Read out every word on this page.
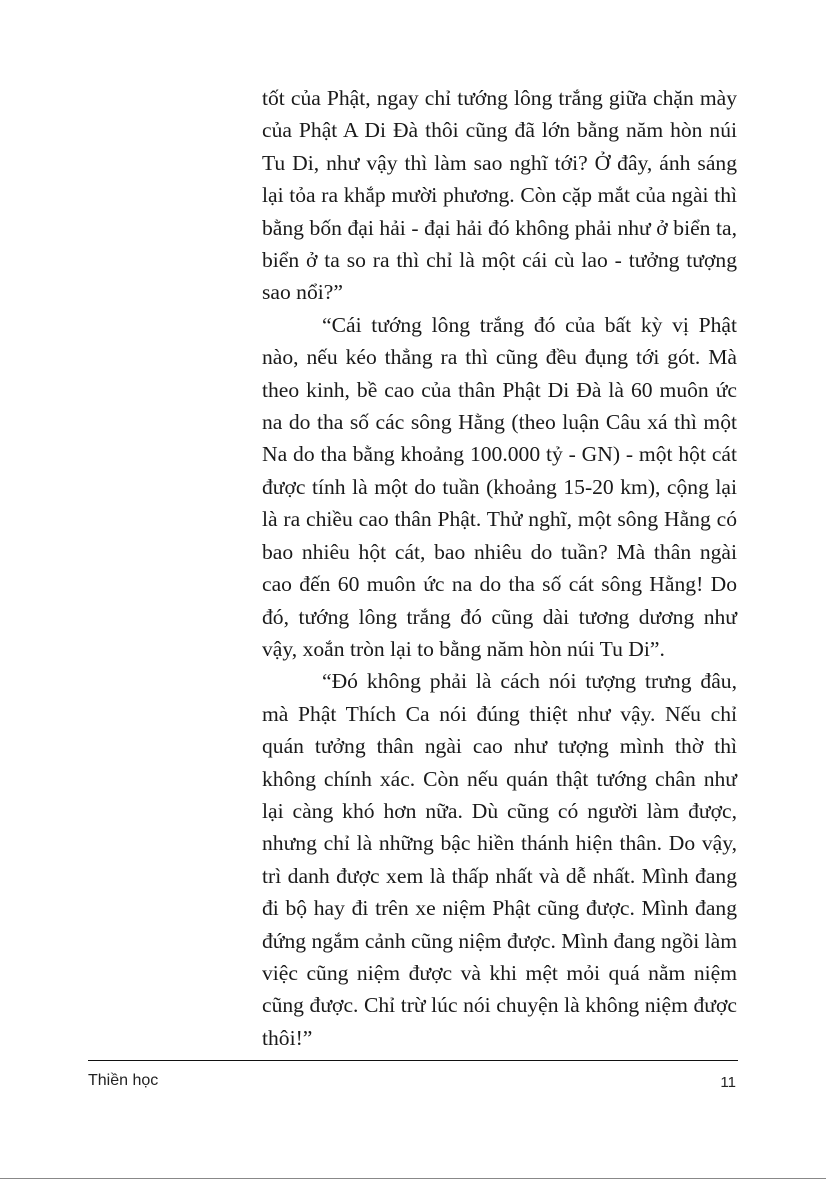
tốt của Phật, ngay chỉ tướng lông trắng giữa chặn mày của Phật A Di Đà thôi cũng đã lớn bằng năm hòn núi Tu Di, như vậy thì làm sao nghĩ tới? Ở đây, ánh sáng lại tỏa ra khắp mười phương. Còn cặp mắt của ngài thì bằng bốn đại hải - đại hải đó không phải như ở biển ta, biển ở ta so ra thì chỉ là một cái cù lao - tưởng tượng sao nổi?”

“Cái tướng lông trắng đó của bất kỳ vị Phật nào, nếu kéo thẳng ra thì cũng đều đụng tới gót. Mà theo kinh, bề cao của thân Phật Di Đà là 60 muôn ức na do tha số các sông Hằng (theo luận Câu xá thì một Na do tha bằng khoảng 100.000 tỷ - GN) - một hột cát được tính là một do tuần (khoảng 15-20 km), cộng lại là ra chiều cao thân Phật. Thử nghĩ, một sông Hằng có bao nhiêu hột cát, bao nhiêu do tuần? Mà thân ngài cao đến 60 muôn ức na do tha số cát sông Hằng! Do đó, tướng lông trắng đó cũng dài tương dương như vậy, xoắn tròn lại to bằng năm hòn núi Tu Di”.

“Đó không phải là cách nói tượng trưng đâu, mà Phật Thích Ca nói đúng thiệt như vậy. Nếu chỉ quán tưởng thân ngài cao như tượng mình thờ thì không chính xác. Còn nếu quán thật tướng chân như lại càng khó hơn nữa. Dù cũng có người làm được, nhưng chỉ là những bậc hiền thánh hiện thân. Do vậy, trì danh được xem là thấp nhất và dễ nhất. Mình đang đi bộ hay đi trên xe niệm Phật cũng được. Mình đang đứng ngắm cảnh cũng niệm được. Mình đang ngồi làm việc cũng niệm được và khi mệt mỏi quá nằm niệm cũng được. Chỉ trừ lúc nói chuyện là không niệm được thôi!”

Thiền học	11
